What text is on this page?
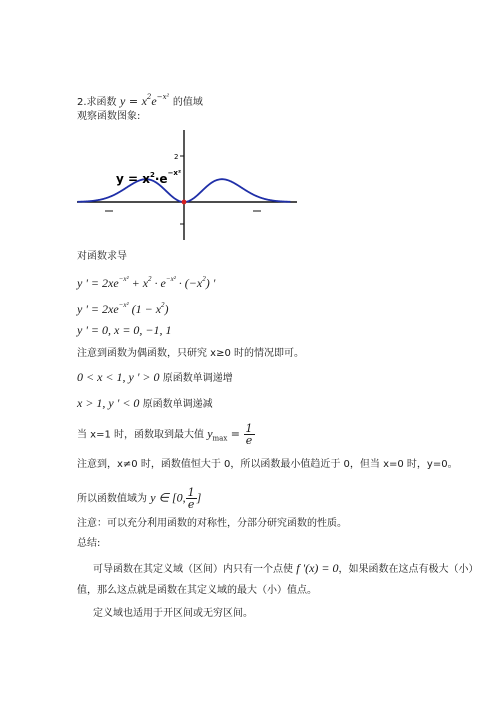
2.求函数 $y = x^2e^{-x^2}$ 的值域
观察函数图象:
2
$y = x^2\cdot e^{-x^2}$
对函数求导
y ' = $2xe^{-x^2} + x^2 \cdot e^{-x^2} \cdot (-x^2)$ '
y ' = $2xe^{-x^2}$ $(1 - x^2)$
y ' = 0, x = 0, −1, 1
注意到函数为偶函数，只研究 x≥0 时的情况即可。
0 < x < 1, y ' > 0 原函数单调递增
x > 1, y ' < 0 原函数单调递减
当 x=1 时，函数取到最大值 $y_{max} = \frac{1}{e}$
注意到，x≠0 时，函数值恒大于 0，所以函数最小值趋近于 0，但当 x=0 时，y=0。
所以函数值域为 y ∈ [0, $\frac{1}{e}$ ]
注意：可以充分利用函数的对称性，分部分研究函数的性质。
总结:
可导函数在其定义域（区间）内只有一个点使 f '(x) = 0，如果函数在这点有极大（小）
值，那么这点就是函数在其定义域的最大（小）值点。
定义域也适用于开区间或无穷区间。
